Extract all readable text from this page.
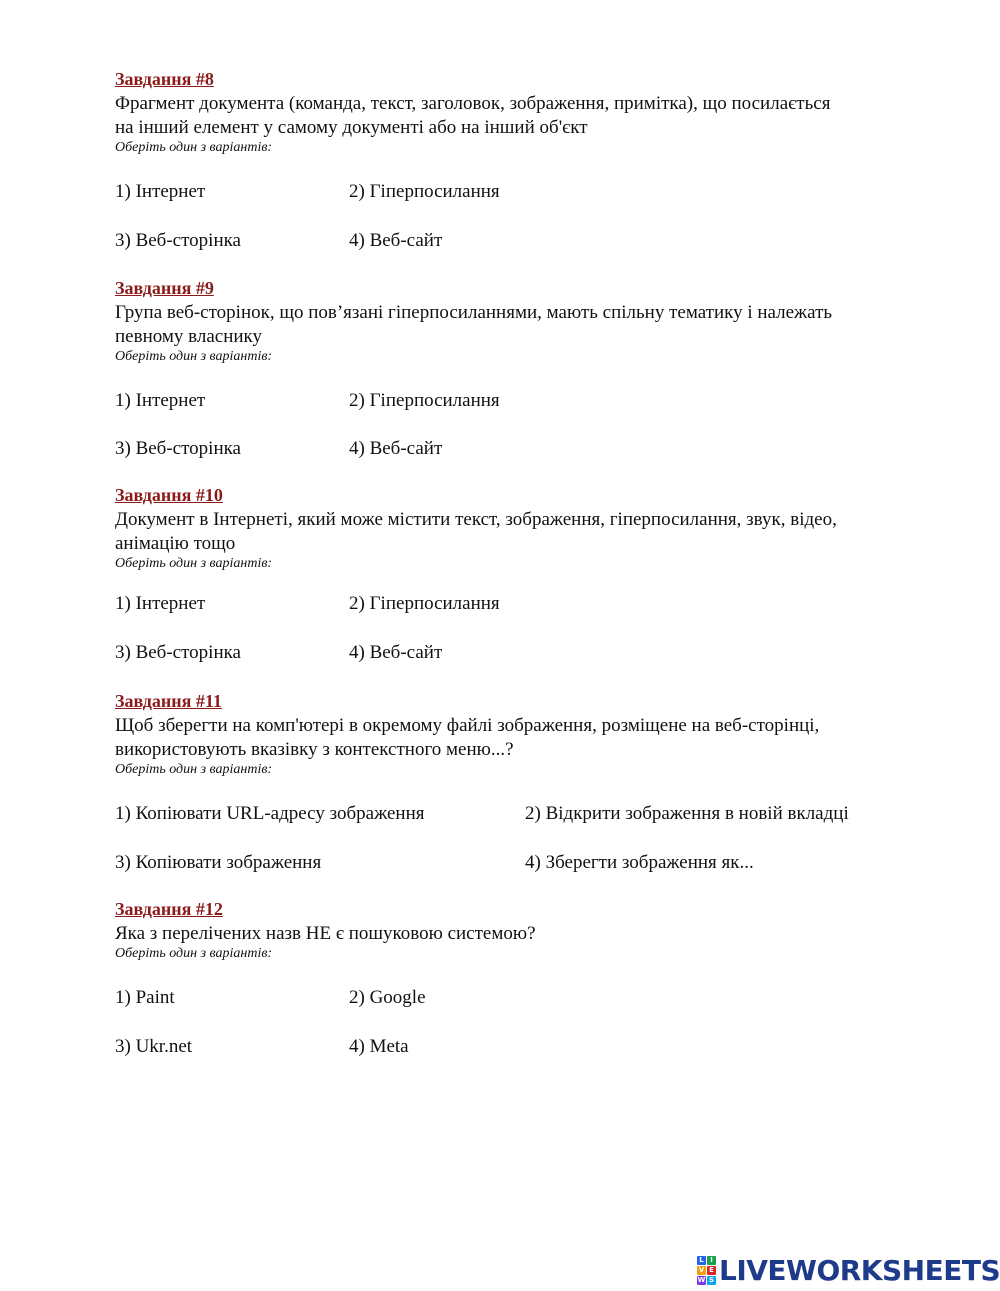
Завдання #8
Фрагмент документа (команда, текст, заголовок, зображення, примітка), що посилається
на інший елемент у самому документі або на інший об'єкт
Оберіть один з варіантів:
1) Інтернет	2) Гіперпосилання
3) Веб-сторінка	4) Веб-сайт
Завдання #9
Група веб-сторінок, що пов’язані гіперпосиланнями, мають спільну тематику і належать
певному власнику
Оберіть один з варіантів:
1) Інтернет	2) Гіперпосилання
3) Веб-сторінка	4) Веб-сайт
Завдання #10
Документ в Інтернеті, який може містити текст, зображення, гіперпосилання, звук, відео,
анімацію тощо
Оберіть один з варіантів:
1) Інтернет	2) Гіперпосилання
3) Веб-сторінка	4) Веб-сайт
Завдання #11
Щоб зберегти на комп'ютері в окремому файлі зображення, розміщене на веб-сторінці,
використовують вказівку з контекстного меню...?
Оберіть один з варіантів:
1) Копіювати URL-адресу зображення	2) Відкрити зображення в новій вкладці
3) Копіювати зображення	4) Зберегти зображення як...
Завдання #12
Яка з перелічених назв НЕ є пошуковою системою?
Оберіть один з варіантів:
1) Paint	2) Google
3) Ukr.net	4) Meta
L I
V E
W S LIVEWORKSHEETS
